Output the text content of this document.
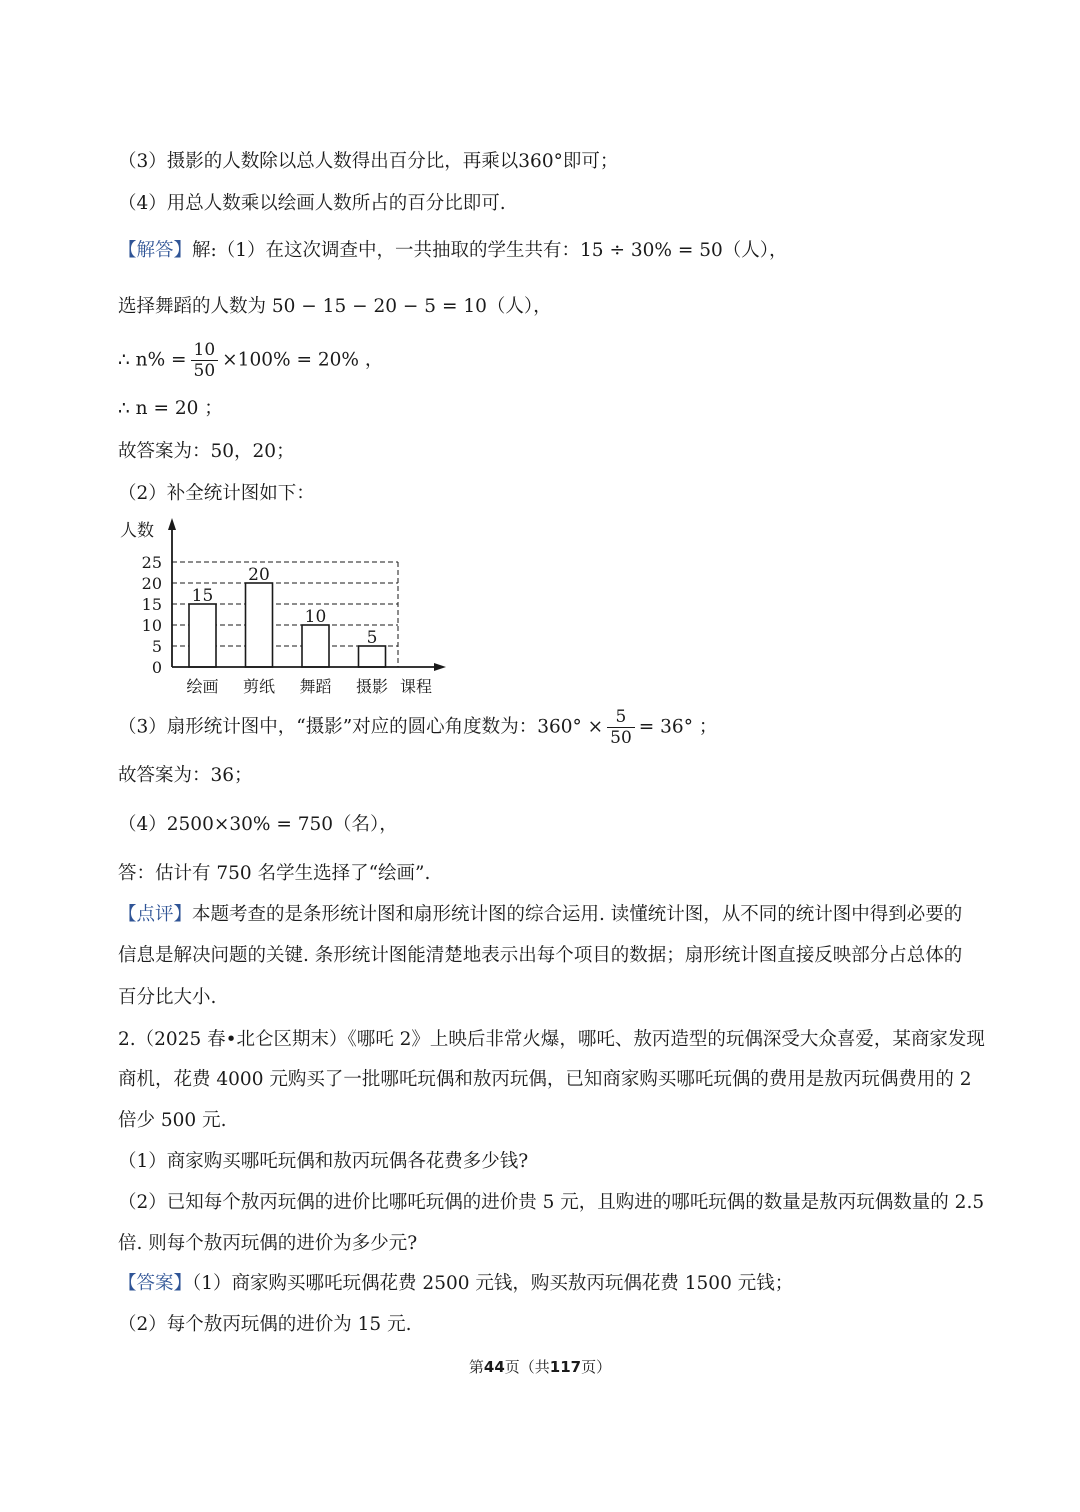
（3）摄影的人数除以总人数得出百分比，再乘以360°即可；
（4）用总人数乘以绘画人数所占的百分比即可.
【解答】解:（1）在这次调查中，一共抽取的学生共有：15 ÷ 30% = 50（人），
选择舞蹈的人数为 50 − 15 − 20 − 5 = 10（人），
∴ $n\% = \frac{10}{50} \times 100\% = 20\%$ ，
∴ n = 20 ；
故答案为：50，20；
（2）补全统计图如下：
15
绘画
20
剪纸
10
舞蹈
5
摄影
0
5
10
15
20
25
人数
课程
（3）扇形统计图中，“摄影”对应的圆心角度数为：$360^\circ \times \frac{5}{50} = 36^\circ$ ；
故答案为：36；
（4）2500×30% = 750（名），
答：估计有 750 名学生选择了“绘画”.
【点评】本题考查的是条形统计图和扇形统计图的综合运用. 读懂统计图，从不同的统计图中得到必要的
信息是解决问题的关键. 条形统计图能清楚地表示出每个项目的数据；扇形统计图直接反映部分占总体的
百分比大小.
2.（2025 春•北仑区期末）《哪吒 2》上映后非常火爆，哪吒、敖丙造型的玩偶深受大众喜爱，某商家发现
商机，花费 4000 元购买了一批哪吒玩偶和敖丙玩偶，已知商家购买哪吒玩偶的费用是敖丙玩偶费用的 2
倍少 500 元.
（1）商家购买哪吒玩偶和敖丙玩偶各花费多少钱?
（2）已知每个敖丙玩偶的进价比哪吒玩偶的进价贵 5 元，且购进的哪吒玩偶的数量是敖丙玩偶数量的 2.5
倍. 则每个敖丙玩偶的进价为多少元?
【答案】（1）商家购买哪吒玩偶花费 2500 元钱，购买敖丙玩偶花费 1500 元钱；
（2）每个敖丙玩偶的进价为 15 元.
第44页（共117页）
